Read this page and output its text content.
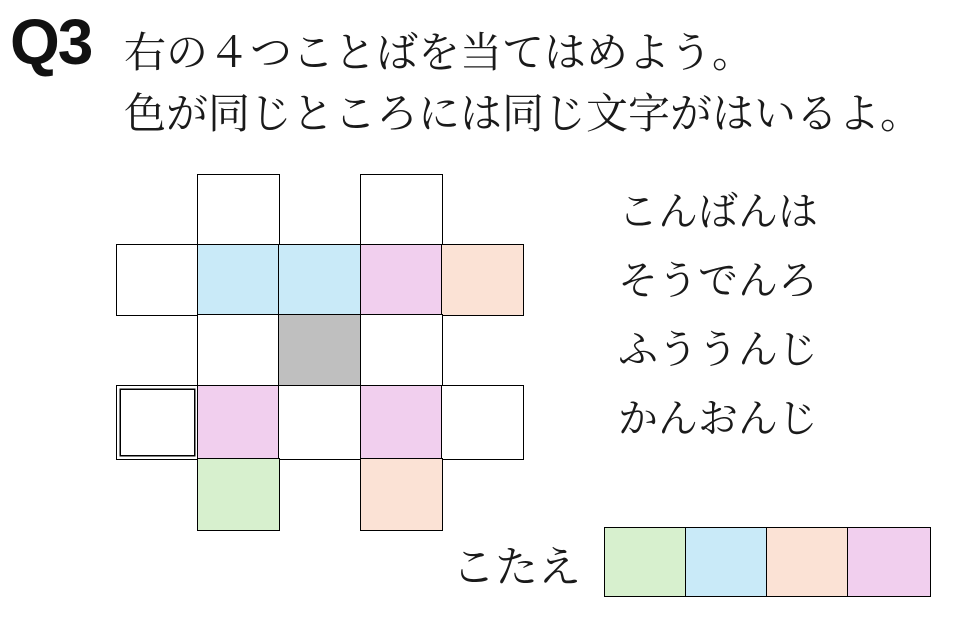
Q3 右の４つことばを当てはめよう。
色が同じところには同じ文字がはいるよ。
こんばんは
そうでんろ
ふううんじ
かんおんじ
こたえ
